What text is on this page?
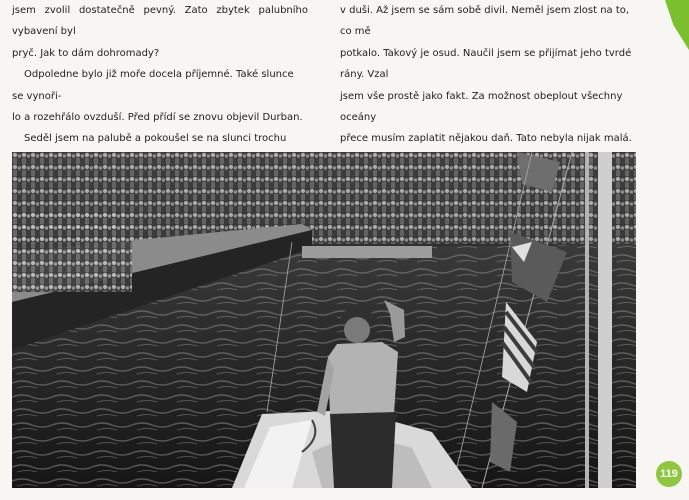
jsem zvolil dostatečně pevný. Zato zbytek palubního vybavení byl
pryč. Jak to dám dohromady?

Odpoledne bylo již moře docela příjemné. Také slunce se vynoři-
lo a rozehřálo ovzduší. Před přídí se znovu objevil Durban.

Seděl jsem na palubě a pokoušel se na slunci trochu

v duši. Až jsem se sám sobě divil. Neměl jsem zlost na to, co mě
potkalo. Takový je osud. Naučil jsem se přijímat jeho tvrdé rány. Vzal
jsem vše prostě jako fakt. Za možnost obeplout všechny oceány
přece musím zaplatit nějakou daň. Tato nebyla nijak malá.

119
